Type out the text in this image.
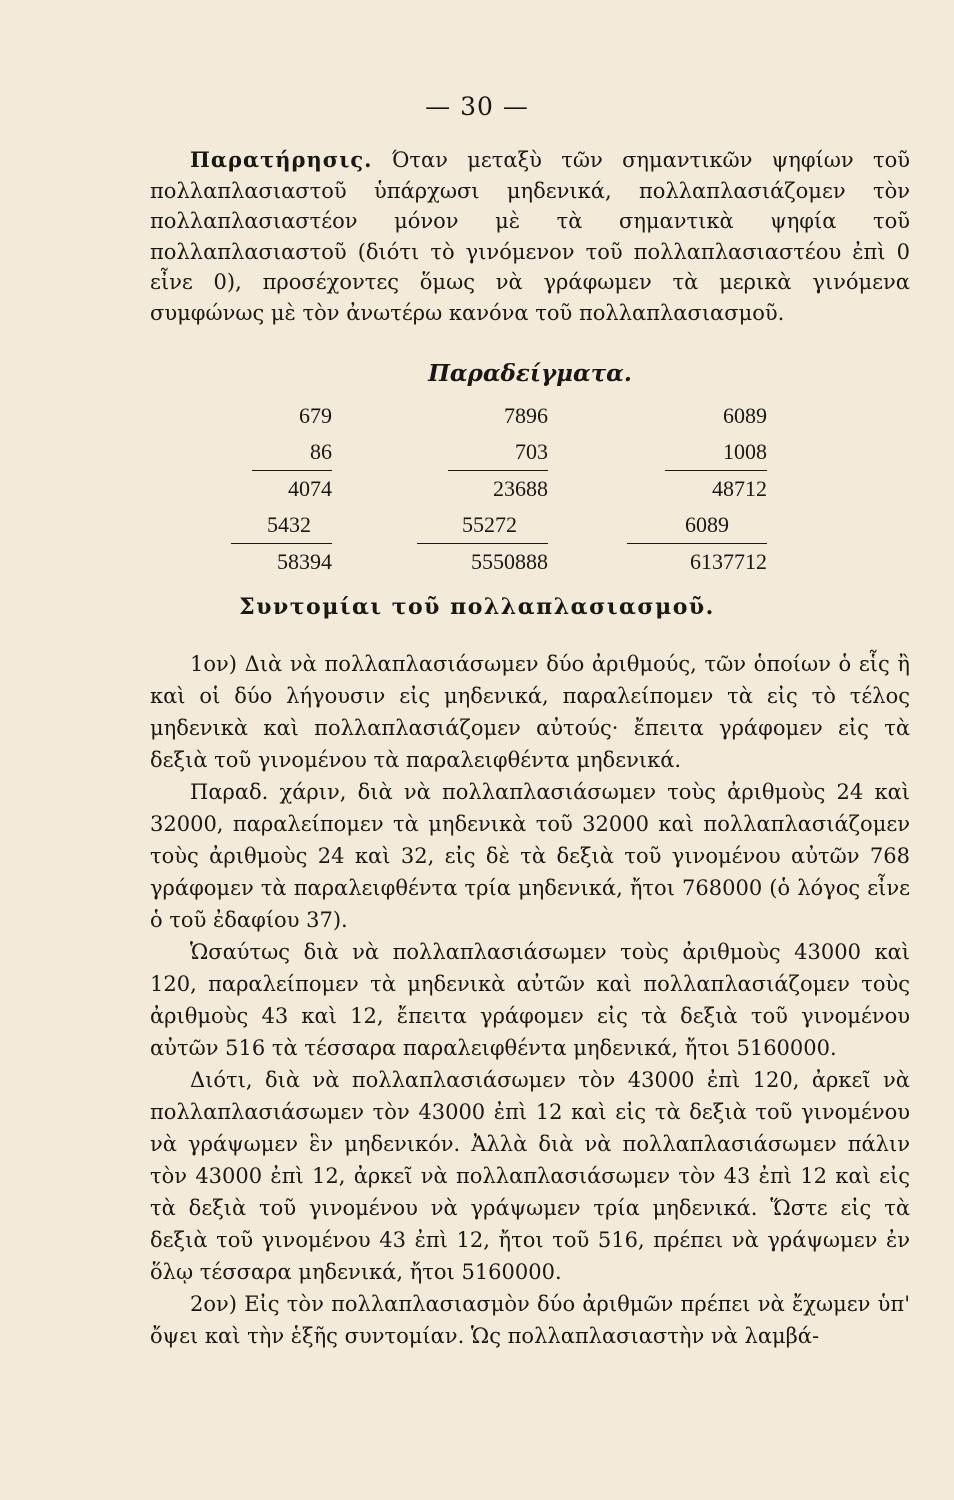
— 30 —

Παρατήρησις. Όταν μεταξὺ τῶν σημαντικῶν ψηφίων τοῦ πολλαπλασιαστοῦ ὑπάρχωσι μηδενικά, πολλαπλασιάζομεν τὸν πολλαπλασιαστέον μόνον μὲ τὰ σημαντικὰ ψηφία τοῦ πολλαπλασιαστοῦ (διότι τὸ γινόμενον τοῦ πολλαπλασιαστέου ἐπὶ 0 εἶνε 0), προσέχοντες ὅμως νὰ γράφωμεν τὰ μερικὰ γινόμενα συμφώνως μὲ τὸν ἀνωτέρω κανόνα τοῦ πολλαπλασιασμοῦ.

Παραδείγματα.
679
86
4074
5432
58394
7896
703
23688
55272
5550888
6089
1008
48712
6089
6137712
Συντομίαι τοῦ πολλαπλασιασμοῦ.

1ον) Διὰ νὰ πολλαπλασιάσωμεν δύο ἀριθμούς, τῶν ὁποίων ὁ εἷς ἢ καὶ οἱ δύο λήγουσιν εἰς μηδενικά, παραλείπομεν τὰ εἰς τὸ τέλος μηδενικὰ καὶ πολλαπλασιάζομεν αὐτούς· ἔπειτα γράφομεν εἰς τὰ δεξιὰ τοῦ γινομένου τὰ παραλειφθέντα μηδενικά.

Παραδ. χάριν, διὰ νὰ πολλαπλασιάσωμεν τοὺς ἀριθμοὺς 24 καὶ 32000, παραλείπομεν τὰ μηδενικὰ τοῦ 32000 καὶ πολλαπλασιάζομεν τοὺς ἀριθμοὺς 24 καὶ 32, εἰς δὲ τὰ δεξιὰ τοῦ γινομένου αὐτῶν 768 γράφομεν τὰ παραλειφθέντα τρία μηδενικά, ἤτοι 768000 (ὁ λόγος εἶνε ὁ τοῦ ἐδαφίου 37).

Ὡσαύτως διὰ νὰ πολλαπλασιάσωμεν τοὺς ἀριθμοὺς 43000 καὶ 120, παραλείπομεν τὰ μηδενικὰ αὐτῶν καὶ πολλαπλασιάζομεν τοὺς ἀριθμοὺς 43 καὶ 12, ἔπειτα γράφομεν εἰς τὰ δεξιὰ τοῦ γινομένου αὐτῶν 516 τὰ τέσσαρα παραλειφθέντα μηδενικά, ἤτοι 5160000.

Διότι, διὰ νὰ πολλαπλασιάσωμεν τὸν 43000 ἐπὶ 120, ἀρκεῖ νὰ πολλαπλασιάσωμεν τὸν 43000 ἐπὶ 12 καὶ εἰς τὰ δεξιὰ τοῦ γινομένου νὰ γράψωμεν ἓν μηδενικόν. Ἀλλὰ διὰ νὰ πολλαπλασιάσωμεν πάλιν τὸν 43000 ἐπὶ 12, ἀρκεῖ νὰ πολλαπλασιάσωμεν τὸν 43 ἐπὶ 12 καὶ εἰς τὰ δεξιὰ τοῦ γινομένου νὰ γράψωμεν τρία μηδενικά. Ὥστε εἰς τὰ δεξιὰ τοῦ γινομένου 43 ἐπὶ 12, ἤτοι τοῦ 516, πρέπει νὰ γράψωμεν ἐν ὅλῳ τέσσαρα μηδενικά, ἤτοι 5160000.

2ον) Εἰς τὸν πολλαπλασιασμὸν δύο ἀριθμῶν πρέπει νὰ ἔχωμεν ὑπ' ὄψει καὶ τὴν ἑξῆς συντομίαν. Ὡς πολλαπλασιαστὴν νὰ λαμβά-
